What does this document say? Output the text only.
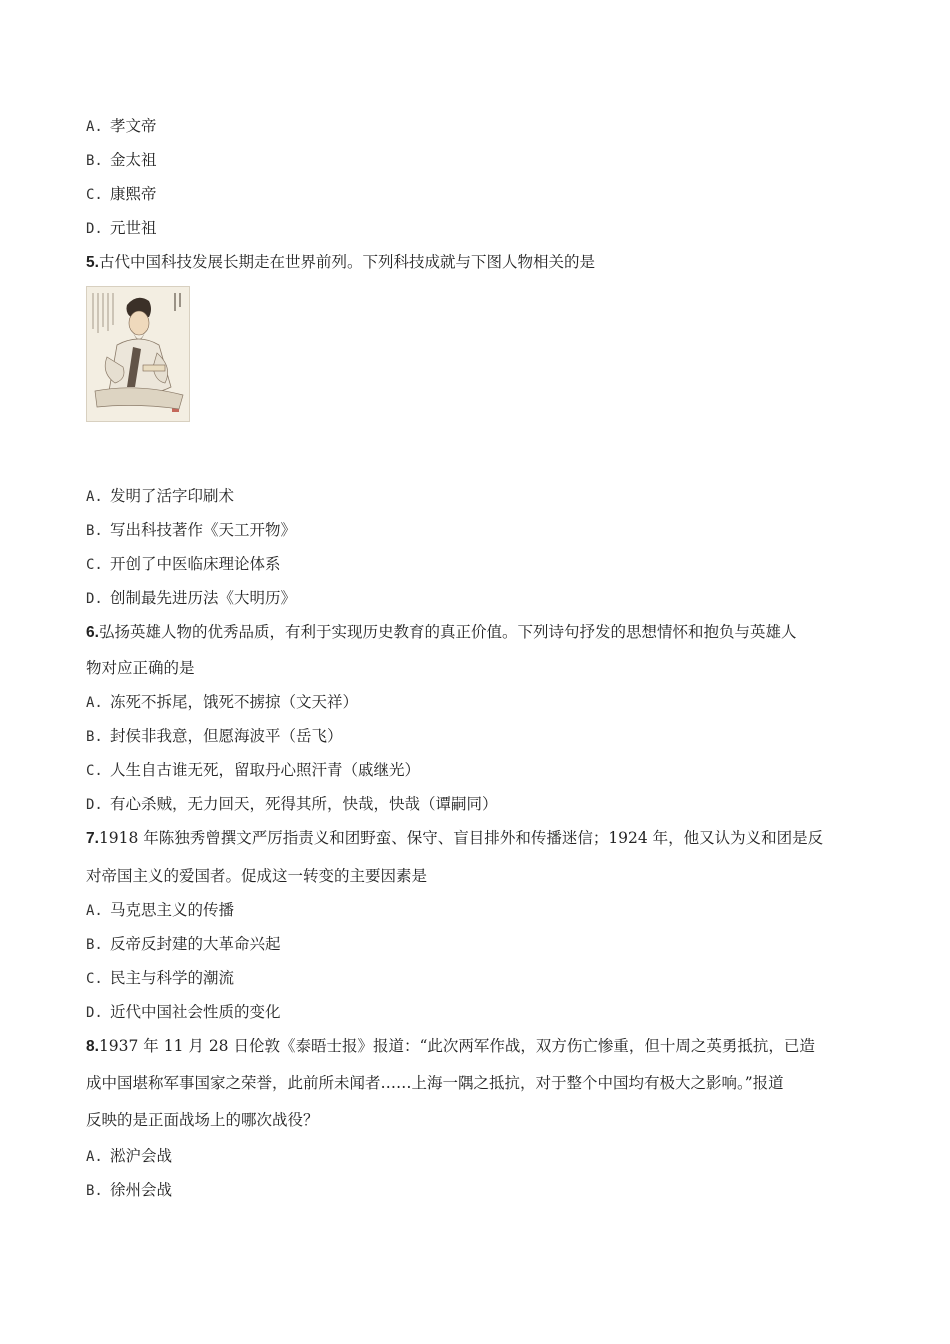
A. 孝文帝
B. 金太祖
C. 康熙帝
D. 元世祖
5.古代中国科技发展长期走在世界前列。下列科技成就与下图人物相关的是
A. 发明了活字印刷术
B. 写出科技著作《天工开物》
C. 开创了中医临床理论体系
D. 创制最先进历法《大明历》
6.弘扬英雄人物的优秀品质，有利于实现历史教育的真正价值。下列诗句抒发的思想情怀和抱负与英雄人
物对应正确的是
A. 冻死不拆尾，饿死不掳掠（文天祥）
B. 封侯非我意，但愿海波平（岳飞）
C. 人生自古谁无死，留取丹心照汗青（戚继光）
D. 有心杀贼，无力回天，死得其所，快哉，快哉（谭嗣同）
7.1918 年陈独秀曾撰文严厉指责义和团野蛮、保守、盲目排外和传播迷信；1924 年，他又认为义和团是反
对帝国主义的爱国者。促成这一转变的主要因素是
A. 马克思主义的传播
B. 反帝反封建的大革命兴起
C. 民主与科学的潮流
D. 近代中国社会性质的变化
8.1937 年 11 月 28 日伦敦《泰晤士报》报道：“此次两军作战，双方伤亡惨重，但十周之英勇抵抗，已造
成中国堪称军事国家之荣誉，此前所未闻者……上海一隅之抵抗，对于整个中国均有极大之影响。”报道
反映的是正面战场上的哪次战役？
A. 淞沪会战
B. 徐州会战
